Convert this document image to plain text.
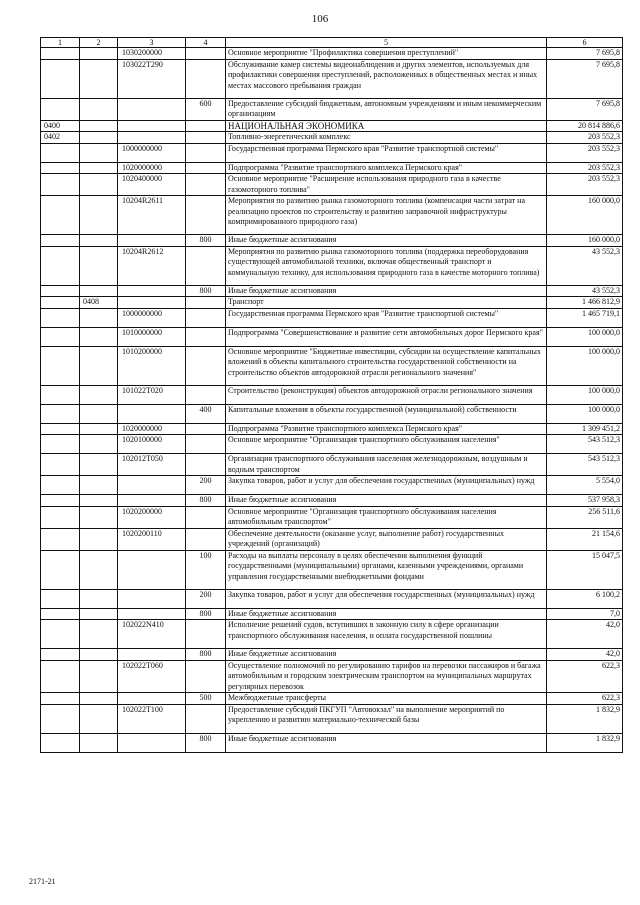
106
1	2	3	4	5	6
		1030200000		Основное мероприятие "Профилактика совершения преступлений"	7 695,8
		103022Т290		Обслуживание камер системы видеонаблюдения и других элементов, используемых для профилактики совершения преступлений, расположенных в общественных местах и иных местах массового пребывания граждан	7 695,8
			600	Предоставление субсидий бюджетным, автономным учреждениям и иным некоммерческим организациям	7 695,8
0400				НАЦИОНАЛЬНАЯ ЭКОНОМИКА	20 814 886,6
0402				Топливно-энергетический комплекс	203 552,3
		1000000000		Государственная программа Пермского края "Развитие транспортной системы"	203 552,3
		1020000000		Подпрограмма "Развитие транспортного комплекса Пермского края"	203 552,3
		1020400000		Основное мероприятие "Расширение использования природного газа в качестве газомоторного топлива"	203 552,3
		10204R2611		Мероприятия по развитию рынка газомоторного топлива (компенсация части затрат на реализацию проектов по строительству и развитию заправочной инфраструктуры компримированного природного газа)	160 000,0
			800	Иные бюджетные ассигнования	160 000,0
		10204R2612		Мероприятия по развитию рынка газомоторного топлива (поддержка переоборудования существующей автомобильной техники, включая общественный транспорт и коммунальную технику, для использования природного газа в качестве моторного топлива)	43 552,3
			800	Иные бюджетные ассигнования	43 552,3
	0408			Транспорт	1 466 812,9
		1000000000		Государственная программа Пермского края "Развитие транспортной системы"	1 465 719,1
		1010000000		Подпрограмма "Совершенствование и развитие сети автомобильных дорог Пермского края"	100 000,0
		1010200000		Основное мероприятие "Бюджетные инвестиции, субсидии на осуществление капитальных вложений в объекты капитального строительства государственной собственности на строительство объектов автодорожной отрасли регионального значения"	100 000,0
		101022Т020		Строительство (реконструкция) объектов автодорожной отрасли регионального значения	100 000,0
			400	Капитальные вложения в объекты государственной (муниципальной) собственности	100 000,0
		1020000000		Подпрограмма "Развитие транспортного комплекса Пермского края"	1 309 451,2
		1020100000		Основное мероприятие "Организация транспортного обслуживания населения"	543 512,3
		102012Т050		Организация транспортного обслуживания населения железнодорожным, воздушным и водным транспортом	543 512,3
			200	Закупка товаров, работ и услуг для обеспечения государственных (муниципальных) нужд	5 554,0
			800	Иные бюджетные ассигнования	537 958,3
		1020200000		Основное мероприятие "Организация транспортного обслуживания населения автомобильным транспортом"	256 511,6
		1020200110		Обеспечение деятельности (оказание услуг, выполнение работ) государственных учреждений (организаций)	21 154,6
			100	Расходы на выплаты персоналу в целях обеспечения выполнения функций государственными (муниципальными) органами, казенными учреждениями, органами управления государственными внебюджетными фондами	15 047,5
			200	Закупка товаров, работ и услуг для обеспечения государственных (муниципальных) нужд	6 100,2
			800	Иные бюджетные ассигнования	7,0
		102022N410		Исполнение решений судов, вступивших в законную силу в сфере организации транспортного обслуживания населения, и оплата государственной пошлины	42,0
			800	Иные бюджетные ассигнования	42,0
		102022Т060		Осуществление полномочий по регулированию тарифов на перевозки пассажиров и багажа автомобильным и городским электрическим транспортом на муниципальных маршрутах регулярных перевозок	622,3
			500	Межбюджетные трансферты	622,3
		102022Т100		Предоставление субсидий ПКГУП "Автовокзал" на выполнение мероприятий по укреплению и развитию материально-технической базы	1 832,9
			800	Иные бюджетные ассигнования	1 832,9
2171-21
